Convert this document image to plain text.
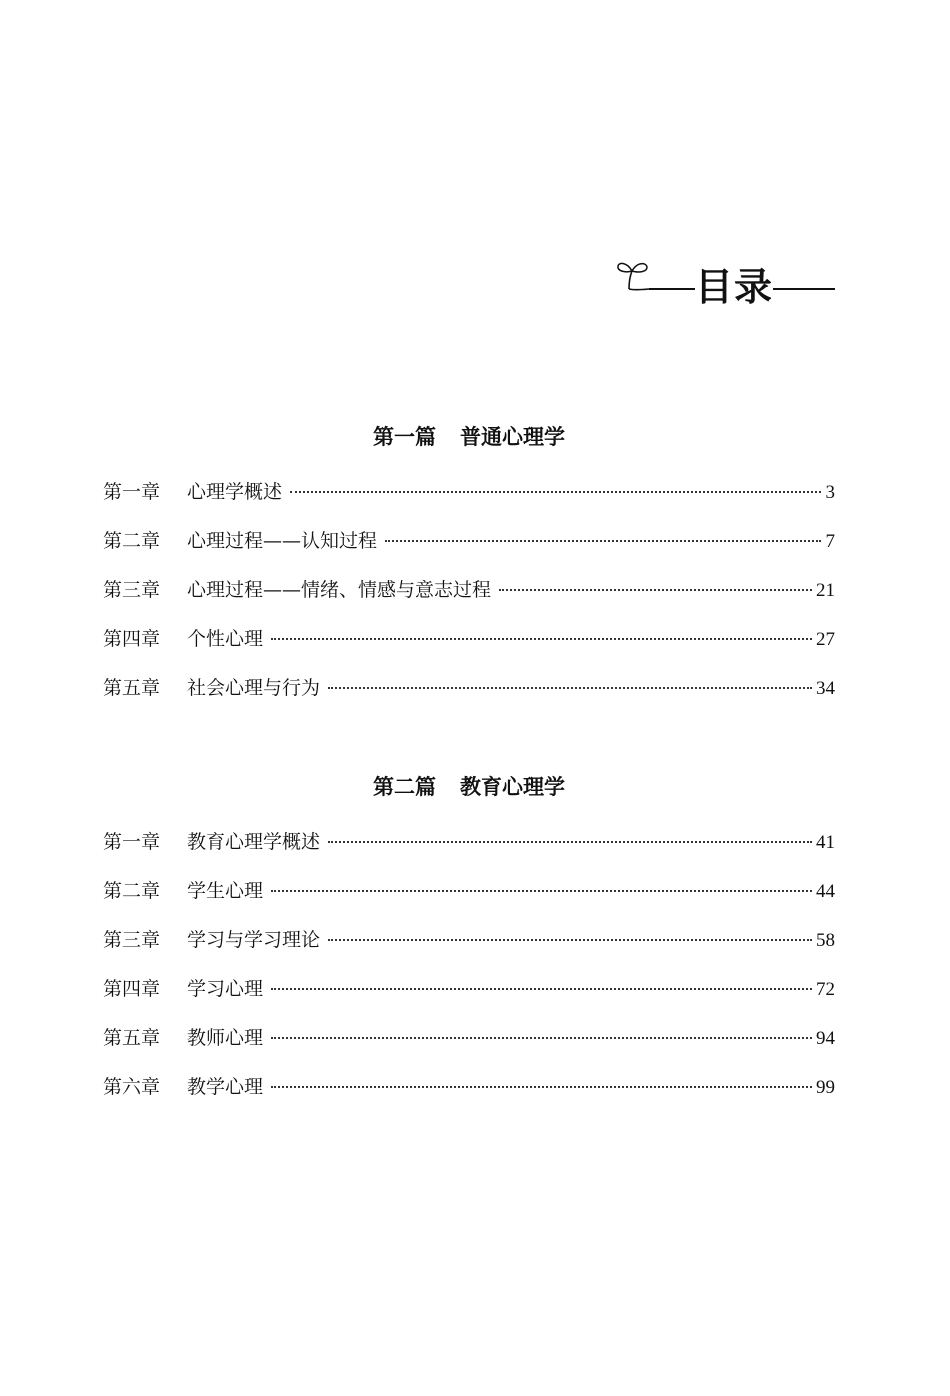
目录
第一篇 普通心理学
第一章	心理学概述	3
第二章	心理过程——认知过程	7
第三章	心理过程——情绪、情感与意志过程	21
第四章	个性心理	27
第五章	社会心理与行为	34
第二篇 教育心理学
第一章	教育心理学概述	41
第二章	学生心理	44
第三章	学习与学习理论	58
第四章	学习心理	72
第五章	教师心理	94
第六章	教学心理	99
